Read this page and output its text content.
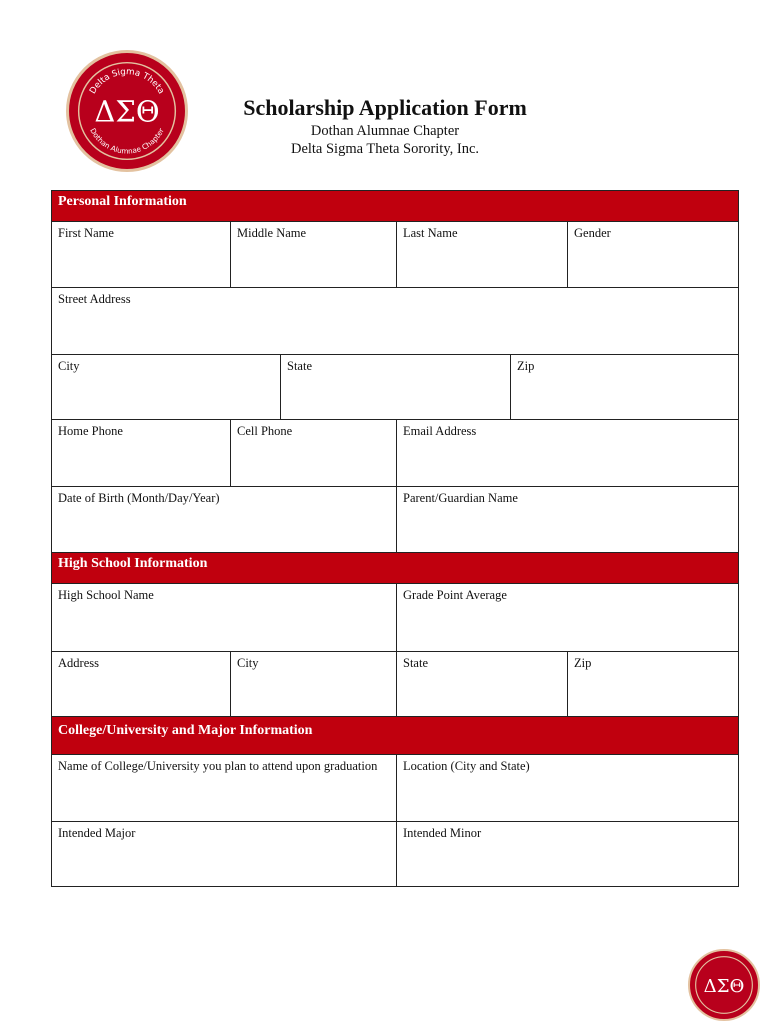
Delta Sigma Theta
Dothan Alumnae Chapter
ΔΣΘ	Scholarship Application Form

Dothan Alumnae Chapter

Delta Sigma Theta Sorority, Inc.

Personal Information
First Name	Middle Name	Last Name	Gender
Street Address
City	State	Zip
Home Phone	Cell Phone	Email Address
Date of Birth (Month/Day/Year)	Parent/Guardian Name
High School Information
High School Name	Grade Point Average
Address	City	State	Zip
College/University and Major Information
Name of College/University you plan to attend upon graduation	Location (City and State)
Intended Major	Intended Minor
ΔΣΘ
